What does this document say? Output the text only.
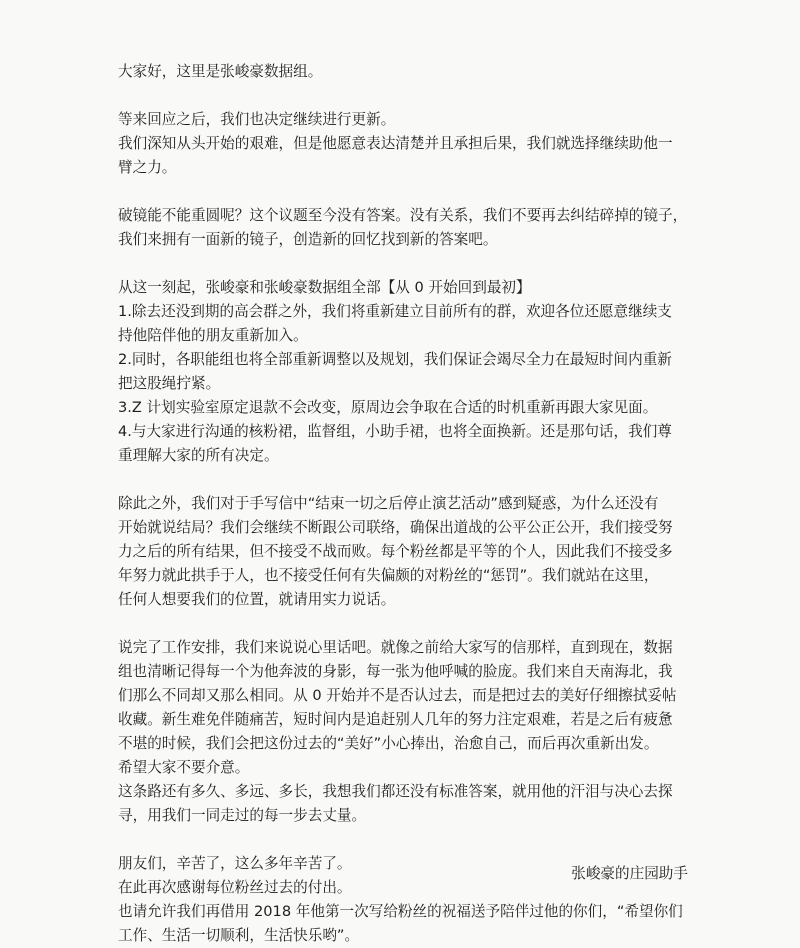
大家好，这里是张峻豪数据组。

等来回应之后，我们也决定继续进行更新。
我们深知从头开始的艰难，但是他愿意表达清楚并且承担后果，我们就选择继续助他一
臂之力。

破镜能不能重圆呢？这个议题至今没有答案。没有关系，我们不要再去纠结碎掉的镜子，
我们来拥有一面新的镜子，创造新的回忆找到新的答案吧。

从这一刻起，张峻豪和张峻豪数据组全部【从 0 开始回到最初】
1.除去还没到期的高会群之外，我们将重新建立目前所有的群，欢迎各位还愿意继续支
持他陪伴他的朋友重新加入。
2.同时，各职能组也将全部重新调整以及规划，我们保证会竭尽全力在最短时间内重新
把这股绳拧紧。
3.Z 计划实验室原定退款不会改变，原周边会争取在合适的时机重新再跟大家见面。
4.与大家进行沟通的核粉裙，监督组，小助手裙，也将全面换新。还是那句话，我们尊
重理解大家的所有决定。

除此之外，我们对于手写信中“结束一切之后停止演艺活动”感到疑惑，为什么还没有
开始就说结局？我们会继续不断跟公司联络，确保出道战的公平公正公开，我们接受努
力之后的所有结果，但不接受不战而败。每个粉丝都是平等的个人，因此我们不接受多
年努力就此拱手于人，也不接受任何有失偏颇的对粉丝的“惩罚”。我们就站在这里，
任何人想要我们的位置，就请用实力说话。

说完了工作安排，我们来说说心里话吧。就像之前给大家写的信那样，直到现在，数据
组也清晰记得每一个为他奔波的身影，每一张为他呼喊的脸庞。我们来自天南海北，我
们那么不同却又那么相同。从 0 开始并不是否认过去，而是把过去的美好仔细擦拭妥帖
收藏。新生难免伴随痛苦，短时间内是追赶别人几年的努力注定艰难，若是之后有疲惫
不堪的时候，我们会把这份过去的“美好”小心捧出，治愈自己，而后再次重新出发。
希望大家不要介意。
这条路还有多久、多远、多长，我想我们都还没有标准答案，就用他的汗泪与决心去探
寻，用我们一同走过的每一步去丈量。

朋友们，辛苦了，这么多年辛苦了。
在此再次感谢每位粉丝过去的付出。
也请允许我们再借用 2018 年他第一次写给粉丝的祝福送予陪伴过他的你们，“希望你们
工作、生活一切顺利，生活快乐哟”。

张峻豪的庄园助手
